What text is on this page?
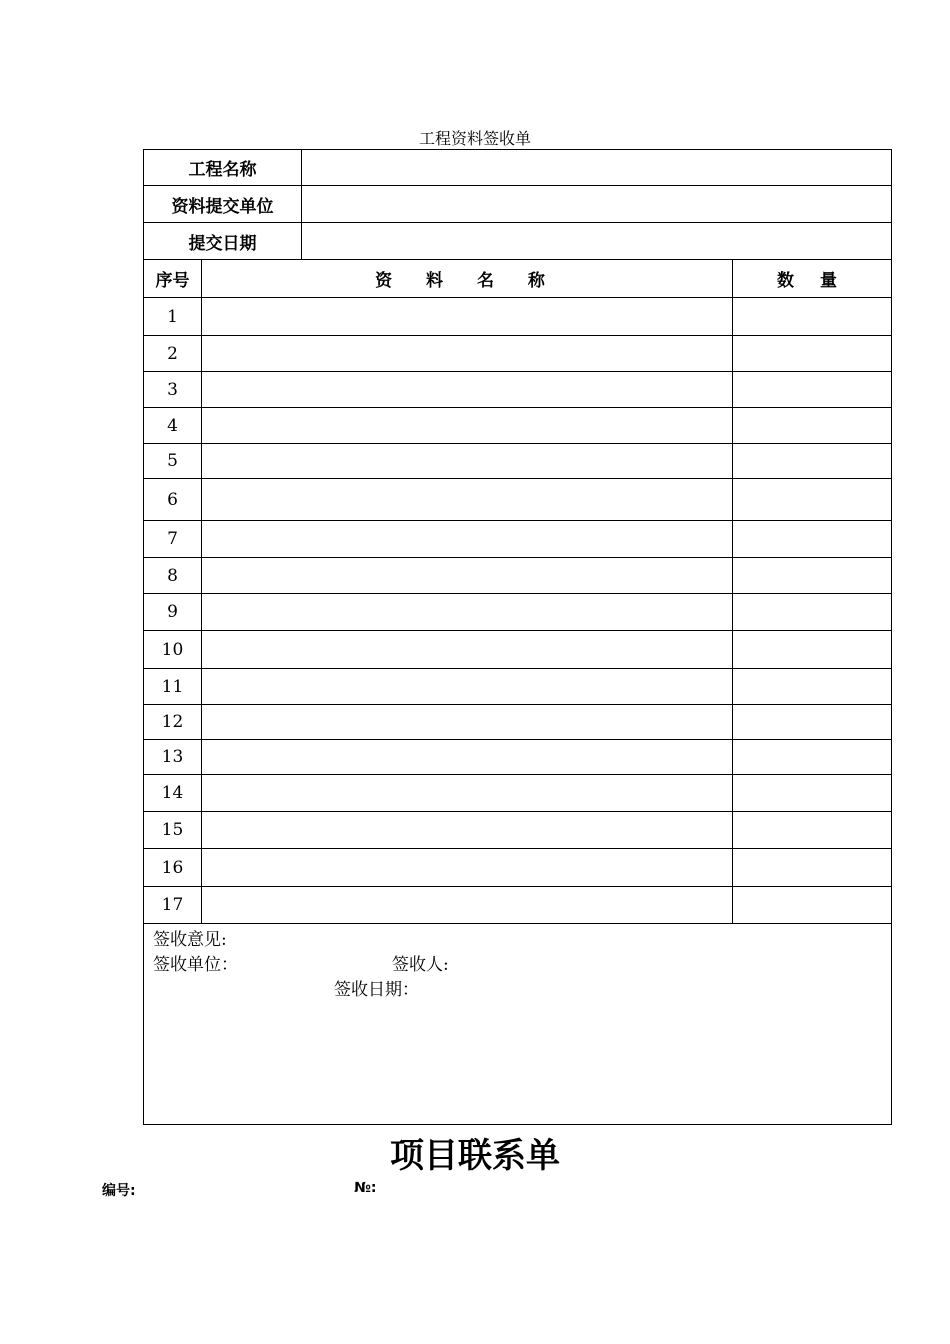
工程资料签收单
工程名称			
资料提交单位			
提交日期			
序号	资 料 名 称		数 量
1			
2			
3			
4			
5			
6			
7			
8			
9			
10			
11			
12			
13			
14			
15			
16			
17			

签收意见:
签收单位： 签收人:
签收日期：			
项目联系单
编号:	№:
